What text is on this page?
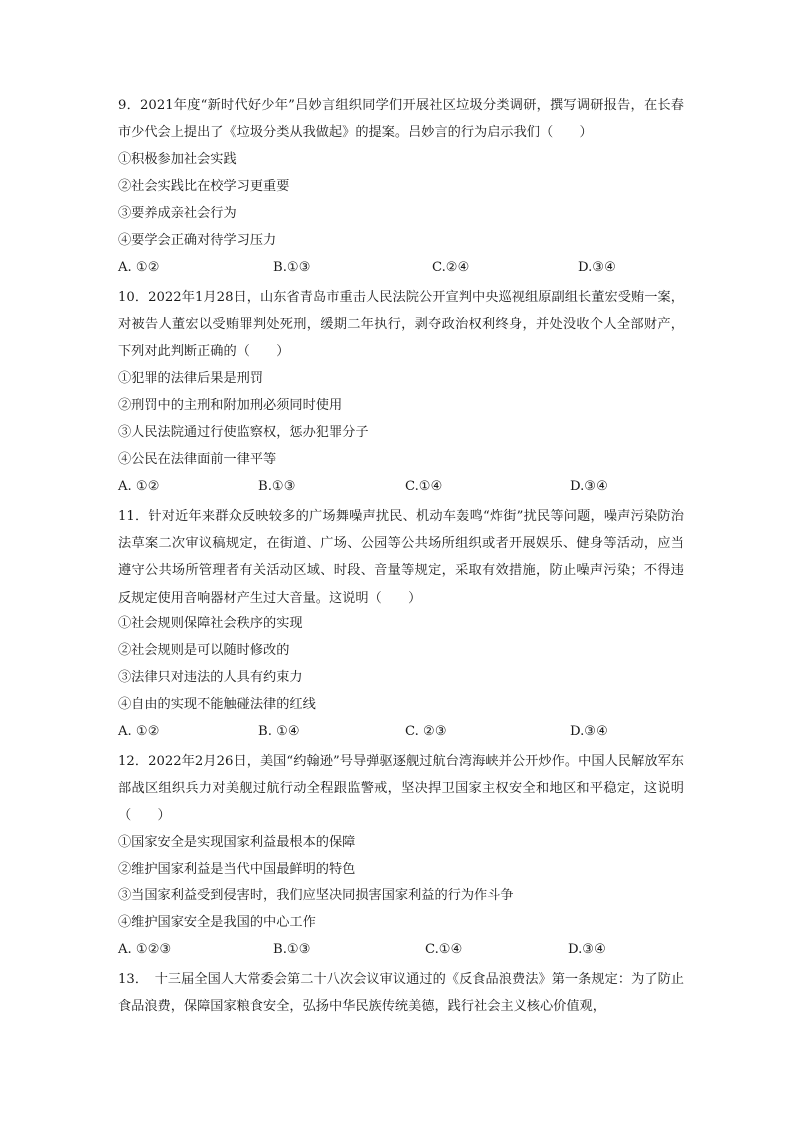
9．2021年度“新时代好少年”吕妙言组织同学们开展社区垃圾分类调研，撰写调研报告，在长春市少代会上提出了《垃圾分类从我做起》的提案。吕妙言的行为启示我们（　　）
①积极参加社会实践
②社会实践比在校学习更重要
③要养成亲社会行为
④要学会正确对待学习压力
A. ①②	B.①③	C.②④	D.③④
10．2022年1月28日，山东省青岛市重击人民法院公开宣判中央巡视组原副组长董宏受贿一案，对被告人董宏以受贿罪判处死刑，缓期二年执行，剥夺政治权利终身，并处没收个人全部财产，下列对此判断正确的（　　）
①犯罪的法律后果是刑罚
②刑罚中的主刑和附加刑必须同时使用
③人民法院通过行使监察权，惩办犯罪分子
④公民在法律面前一律平等
A. ①②	B.①③	C.①④	D.③④
11．针对近年来群众反映较多的广场舞噪声扰民、机动车轰鸣“炸街”扰民等问题，噪声污染防治法草案二次审议稿规定，在街道、广场、公园等公共场所组织或者开展娱乐、健身等活动，应当遵守公共场所管理者有关活动区域、时段、音量等规定，采取有效措施，防止噪声污染；不得违反规定使用音响器材产生过大音量。这说明（　　）
①社会规则保障社会秩序的实现
②社会规则是可以随时修改的
③法律只对违法的人具有约束力
④自由的实现不能触碰法律的红线
A. ①②	B. ①④	C. ②③	D.③④
12．2022年2月26日，美国“约翰逊”号导弹驱逐舰过航台湾海峡并公开炒作。中国人民解放军东部战区组织兵力对美舰过航行动全程跟监警戒，坚决捍卫国家主权安全和地区和平稳定，这说明（　　）
①国家安全是实现国家利益最根本的保障
②维护国家利益是当代中国最鲜明的特色
③当国家利益受到侵害时，我们应坚决同损害国家利益的行为作斗争
④维护国家安全是我国的中心工作
A. ①②③	B.①③	C.①④	D.③④
13．　十三届全国人大常委会第二十八次会议审议通过的《反食品浪费法》第一条规定：为了防止食品浪费，保障国家粮食安全，弘扬中华民族传统美德，践行社会主义核心价值观，
